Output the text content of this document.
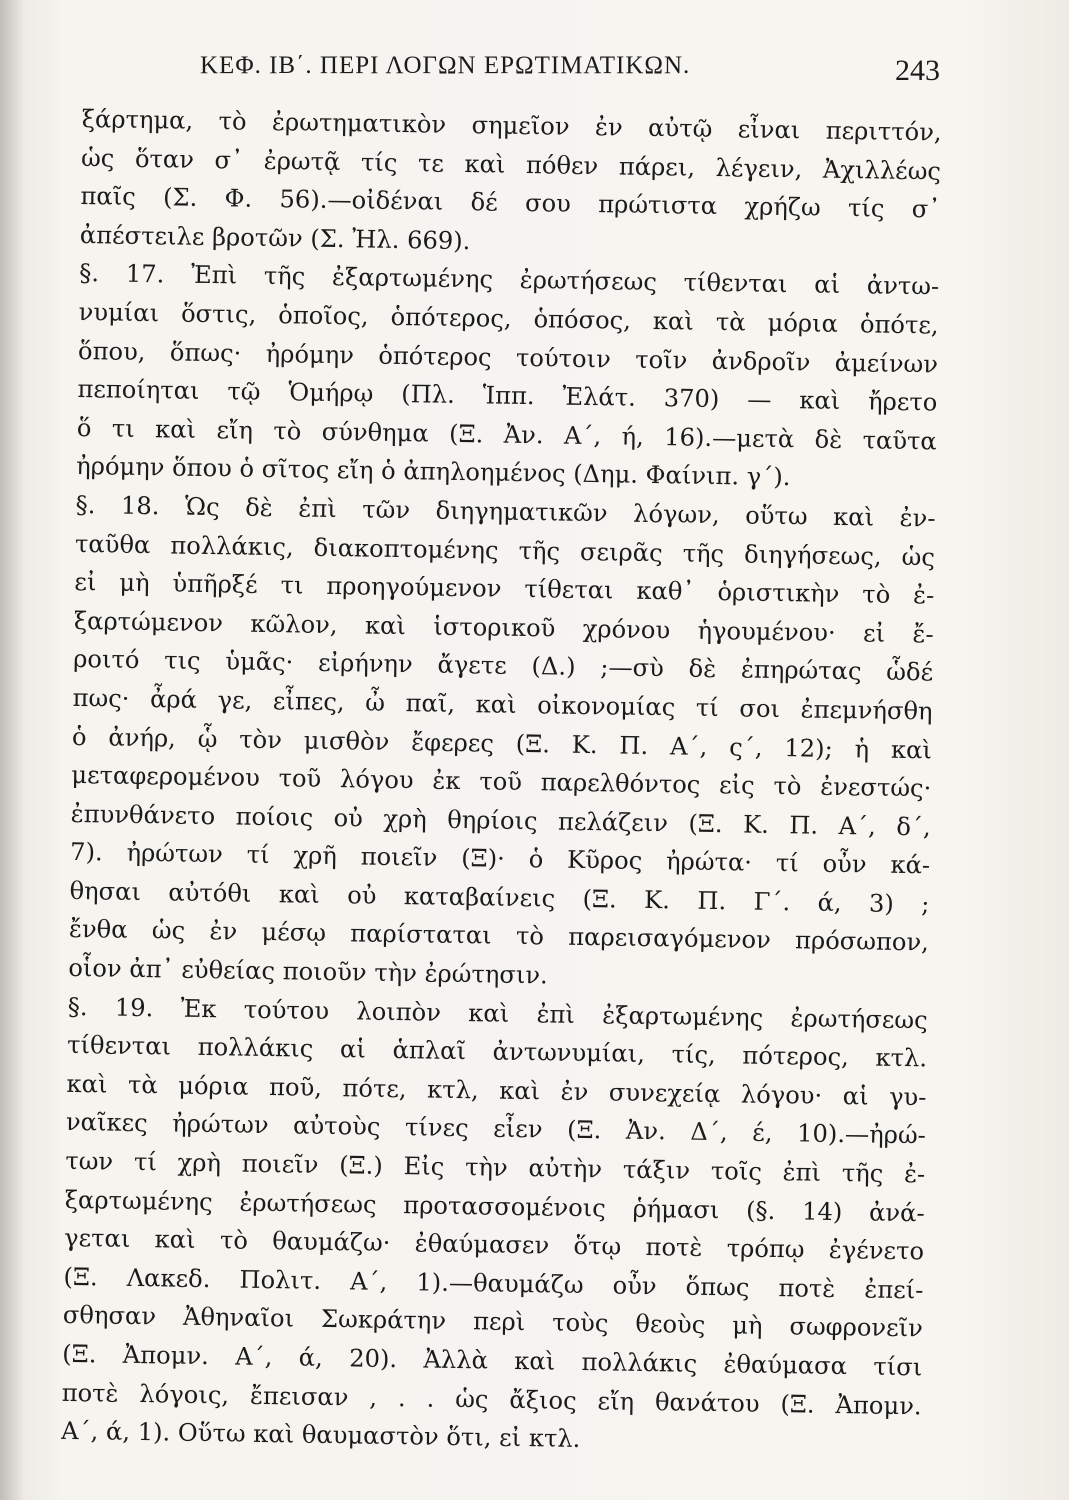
ΚΕΦ. ΙΒ΄. ΠΕΡΙ ΛΟΓΩΝ ΕΡΩΤΙΜΑΤΙΚΩΝ.	243
ξάρτημα, τὸ ἐρωτηματικὸν σημεῖον ἐν αὐτῷ εἶναι περιττόν,
ὡς ὅταν σ᾽ ἐρωτᾷ τίς τε καὶ πόθεν πάρει, λέγειν, Ἀχιλλέως
παῖς (Σ. Φ. 56).—οἰδέναι δέ σου πρώτιστα χρήζω τίς σ᾽
ἀπέστειλε βροτῶν (Σ. Ἠλ. 669).
§. 17. Ἐπὶ τῆς ἐξαρτωμένης ἐρωτήσεως τίθενται αἱ ἀντω-
νυμίαι ὅστις, ὁποῖος, ὁπότερος, ὁπόσος, καὶ τὰ μόρια ὁπότε,
ὅπου, ὅπως· ἠρόμην ὁπότερος τούτοιν τοῖν ἀνδροῖν ἀμείνων
πεποίηται τῷ Ὁμήρῳ (Πλ. Ἱππ. Ἐλάτ. 370) — καὶ ἤρετο
ὅ τι καὶ εἴη τὸ σύνθημα (Ξ. Ἀν. Α΄, ή, 16).—μετὰ δὲ ταῦτα
ἠρόμην ὅπου ὁ σῖτος εἴη ὁ ἀπηλοημένος (Δημ. Φαίνιπ. γ΄).
§. 18. Ὡς δὲ ἐπὶ τῶν διηγηματικῶν λόγων, οὕτω καὶ ἐν-
ταῦθα πολλάκις, διακοπτομένης τῆς σειρᾶς τῆς διηγήσεως, ὡς
εἰ μὴ ὑπῆρξέ τι προηγούμενον τίθεται καθ᾽ ὁριστικὴν τὸ ἐ-
ξαρτώμενον κῶλον, καὶ ἱστορικοῦ χρόνου ἡγουμένου· εἰ ἔ-
ροιτό τις ὑμᾶς· εἰρήνην ἄγετε (Δ.) ;—σὺ δὲ ἐπηρώτας ὧδέ
πως· ἆρά γε, εἶπες, ὦ παῖ, καὶ οἰκονομίας τί σοι ἐπεμνήσθη
ὁ ἀνήρ, ᾧ τὸν μισθὸν ἔφερες (Ξ. Κ. Π. Α΄, ς΄, 12); ἡ καὶ
μεταφερομένου τοῦ λόγου ἐκ τοῦ παρελθόντος εἰς τὸ ἐνεστώς·
ἐπυνθάνετο ποίοις οὐ χρὴ θηρίοις πελάζειν (Ξ. Κ. Π. Α΄, δ΄,
7). ἠρώτων τί χρῆ ποιεῖν (Ξ)· ὁ Κῦρος ἠρώτα· τί οὖν κά-
θησαι αὐτόθι καὶ οὐ καταβαίνεις (Ξ. Κ. Π. Γ΄. ά, 3) ;
ἔνθα ὡς ἐν μέσῳ παρίσταται τὸ παρεισαγόμενον πρόσωπον,
οἷον ἀπ᾽ εὐθείας ποιοῦν τὴν ἐρώτησιν.
§. 19. Ἐκ τούτου λοιπὸν καὶ ἐπὶ ἐξαρτωμένης ἐρωτήσεως
τίθενται πολλάκις αἱ ἁπλαῖ ἀντωνυμίαι, τίς, πότερος, κτλ.
καὶ τὰ μόρια ποῦ, πότε, κτλ, καὶ ἐν συνεχείᾳ λόγου· αἱ γυ-
ναῖκες ἠρώτων αὐτοὺς τίνες εἶεν (Ξ. Ἀν. Δ΄, έ, 10).—ἠρώ-
των τί χρὴ ποιεῖν (Ξ.) Εἰς τὴν αὐτὴν τάξιν τοῖς ἐπὶ τῆς ἐ-
ξαρτωμένης ἐρωτήσεως προτασσομένοις ῥήμασι (§. 14) ἀνά-
γεται καὶ τὸ θαυμάζω· ἐθαύμασεν ὅτῳ ποτὲ τρόπῳ ἐγένετο
(Ξ. Λακεδ. Πολιτ. Α΄, 1).—θαυμάζω οὖν ὅπως ποτὲ ἐπεί-
σθησαν Ἀθηναῖοι Σωκράτην περὶ τοὺς θεοὺς μὴ σωφρονεῖν
(Ξ. Ἀπομν. Α΄, ά, 20). Ἀλλὰ καὶ πολλάκις ἐθαύμασα τίσι
ποτὲ λόγοις, ἔπεισαν , . . ὡς ἄξιος εἴη θανάτου (Ξ. Ἀπομν.
Α΄, ά, 1). Οὕτω καὶ θαυμαστὸν ὅτι, εἰ κτλ.
